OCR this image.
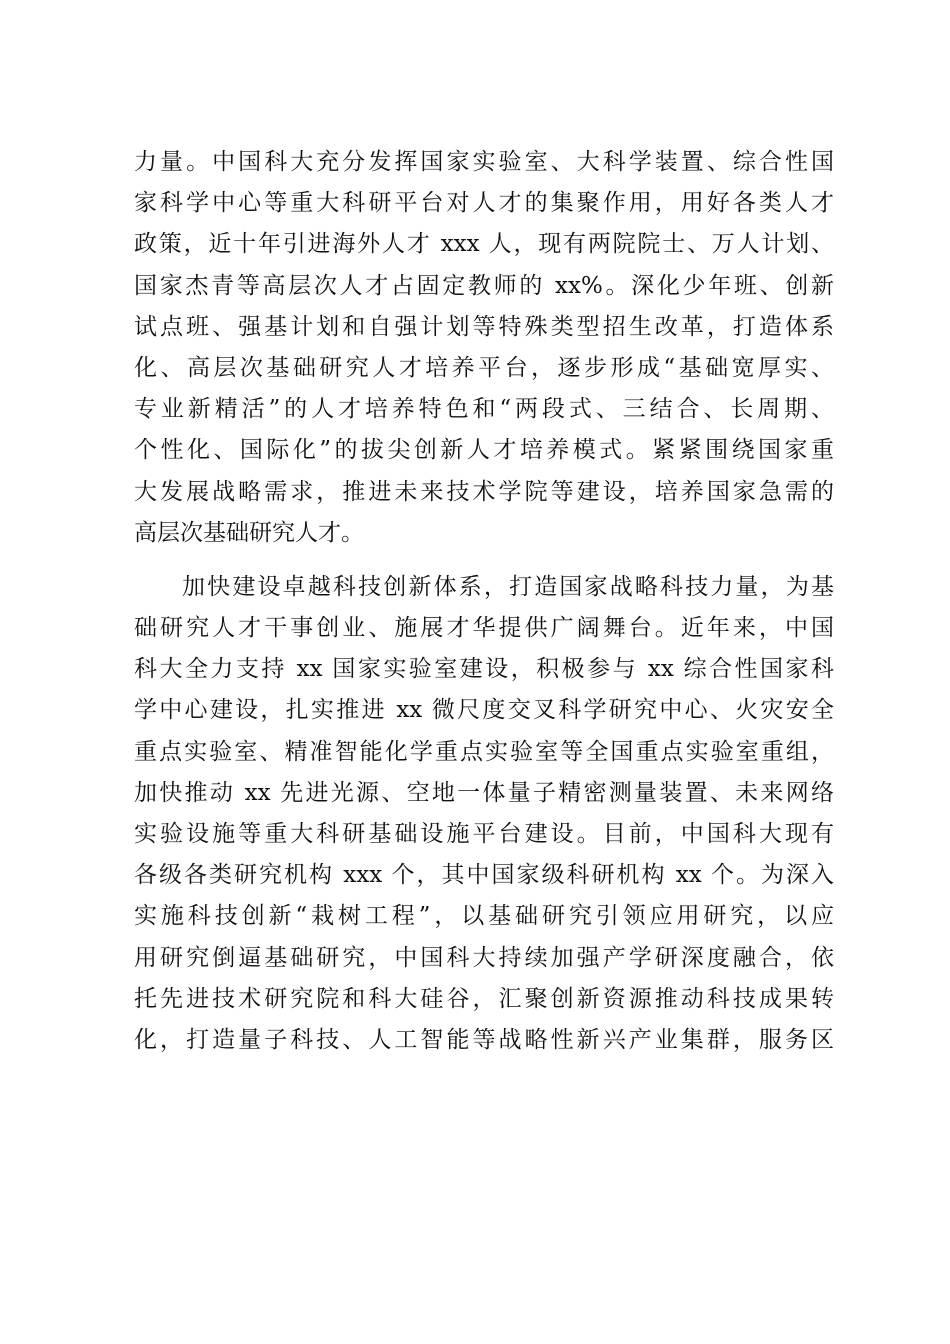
力量。中国科大充分发挥国家实验室、大科学装置、综合性国
家科学中心等重大科研平台对人才的集聚作用，用好各类人才
政策，近十年引进海外人才 xxx 人，现有两院院士、万人计划、
国家杰青等高层次人才占固定教师的 xx%。深化少年班、创新
试点班、强基计划和自强计划等特殊类型招生改革，打造体系
化、高层次基础研究人才培养平台，逐步形成“基础宽厚实、
专业新精活”的人才培养特色和“两段式、三结合、长周期、
个性化、国际化”的拔尖创新人才培养模式。紧紧围绕国家重
大发展战略需求，推进未来技术学院等建设，培养国家急需的
高层次基础研究人才。
加快建设卓越科技创新体系，打造国家战略科技力量，为基
础研究人才干事创业、施展才华提供广阔舞台。近年来，中国
科大全力支持 xx 国家实验室建设，积极参与 xx 综合性国家科
学中心建设，扎实推进 xx 微尺度交叉科学研究中心、火灾安全
重点实验室、精准智能化学重点实验室等全国重点实验室重组，
加快推动 xx 先进光源、空地一体量子精密测量装置、未来网络
实验设施等重大科研基础设施平台建设。目前，中国科大现有
各级各类研究机构 xxx 个，其中国家级科研机构 xx 个。为深入
实施科技创新“栽树工程”，以基础研究引领应用研究，以应
用研究倒逼基础研究，中国科大持续加强产学研深度融合，依
托先进技术研究院和科大硅谷，汇聚创新资源推动科技成果转
化，打造量子科技、人工智能等战略性新兴产业集群，服务区
